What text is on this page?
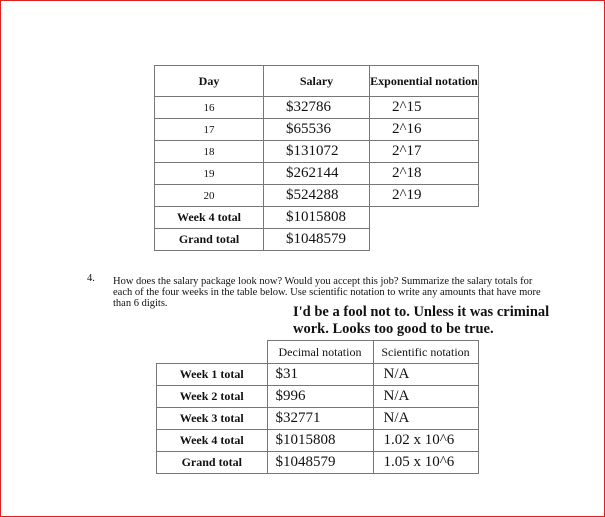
Day	Salary	Exponential notation
16	$32786	2^15
17	$65536	2^16
18	$131072	2^17
19	$262144	2^18
20	$524288	2^19
Week 4 total	$1015808	
Grand total	$1048579	
4. How does the salary package look now? Would you accept this job? Summarize the salary totals for each of the four weeks in the table below. Use scientific notation to write any amounts that have more than 6 digits.
I'd be a fool not to. Unless it was criminal work. Looks too good to be true.
	Decimal notation	Scientific notation
Week 1 total	$31	N/A
Week 2 total	$996	N/A
Week 3 total	$32771	N/A
Week 4 total	$1015808	1.02 x 10^6
Grand total	$1048579	1.05 x 10^6
